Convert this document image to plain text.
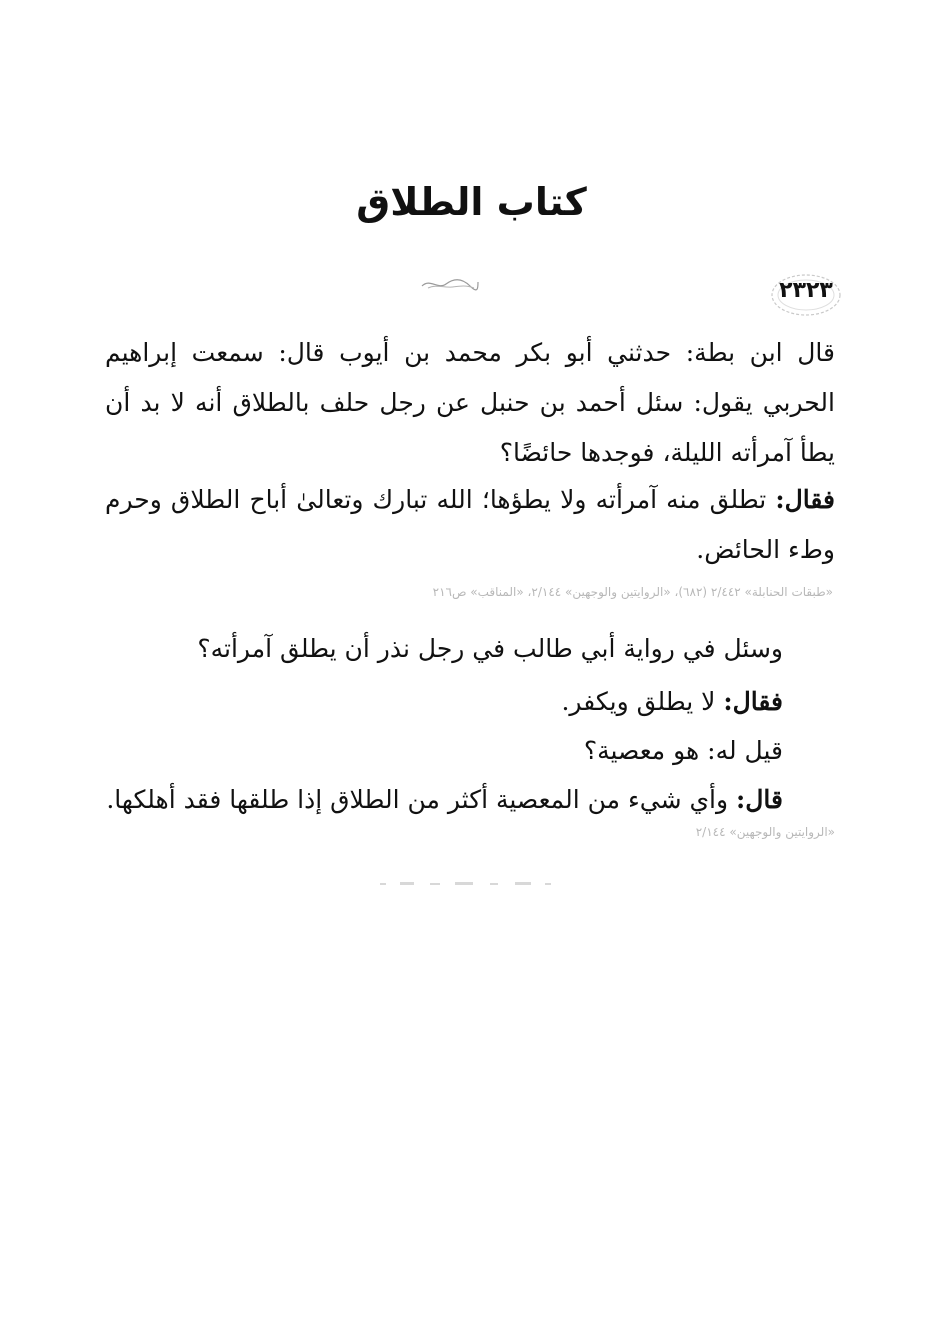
كتاب الطلاق
٢٣٢٣
قال ابن بطة: حدثني أبو بكر محمد بن أيوب قال: سمعت إبراهيم الحربي يقول: سئل أحمد بن حنبل عن رجل حلف بالطلاق أنه لا بد أن يطأ آمرأته الليلة، فوجدها حائضًا؟
فقال: تطلق منه آمرأته ولا يطؤها؛ الله تبارك وتعالىٰ أباح الطلاق وحرم وطء الحائض.
«طبقات الحنابلة» ٢/٤٤٢ (٦٨٢)، «الروايتين والوجهين» ٢/١٤٤، «المناقب» ص٢١٦
وسئل في رواية أبي طالب في رجل نذر أن يطلق آمرأته؟
فقال: لا يطلق ويكفر.
قيل له: هو معصية؟
قال: وأي شيء من المعصية أكثر من الطلاق إذا طلقها فقد أهلكها.
«الروايتين والوجهين» ٢/١٤٤
